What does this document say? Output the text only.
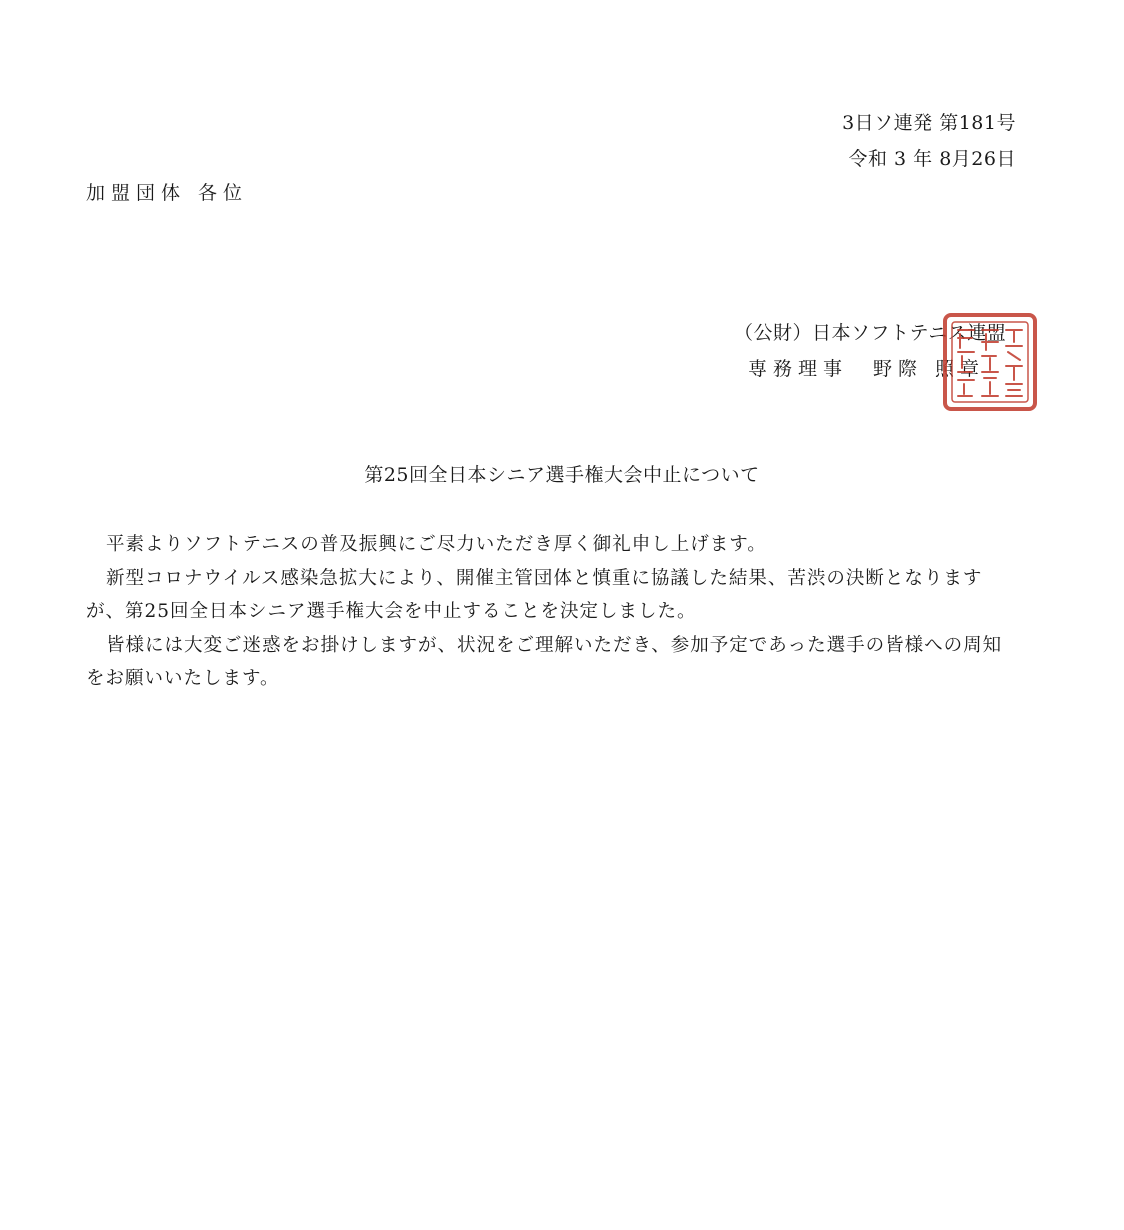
3日ソ連発 第181号
令和 3 年 8月26日
加盟団体 各位
（公財）日本ソフトテニス連盟
専務理事　野際 照章
第25回全日本シニア選手権大会中止について

平素よりソフトテニスの普及振興にご尽力いただき厚く御礼申し上げます。

新型コロナウイルス感染急拡大により、開催主管団体と慎重に協議した結果、苦渋の決断となります

が、第25回全日本シニア選手権大会を中止することを決定しました。

皆様には大変ご迷惑をお掛けしますが、状況をご理解いただき、参加予定であった選手の皆様への周知

をお願いいたします。
